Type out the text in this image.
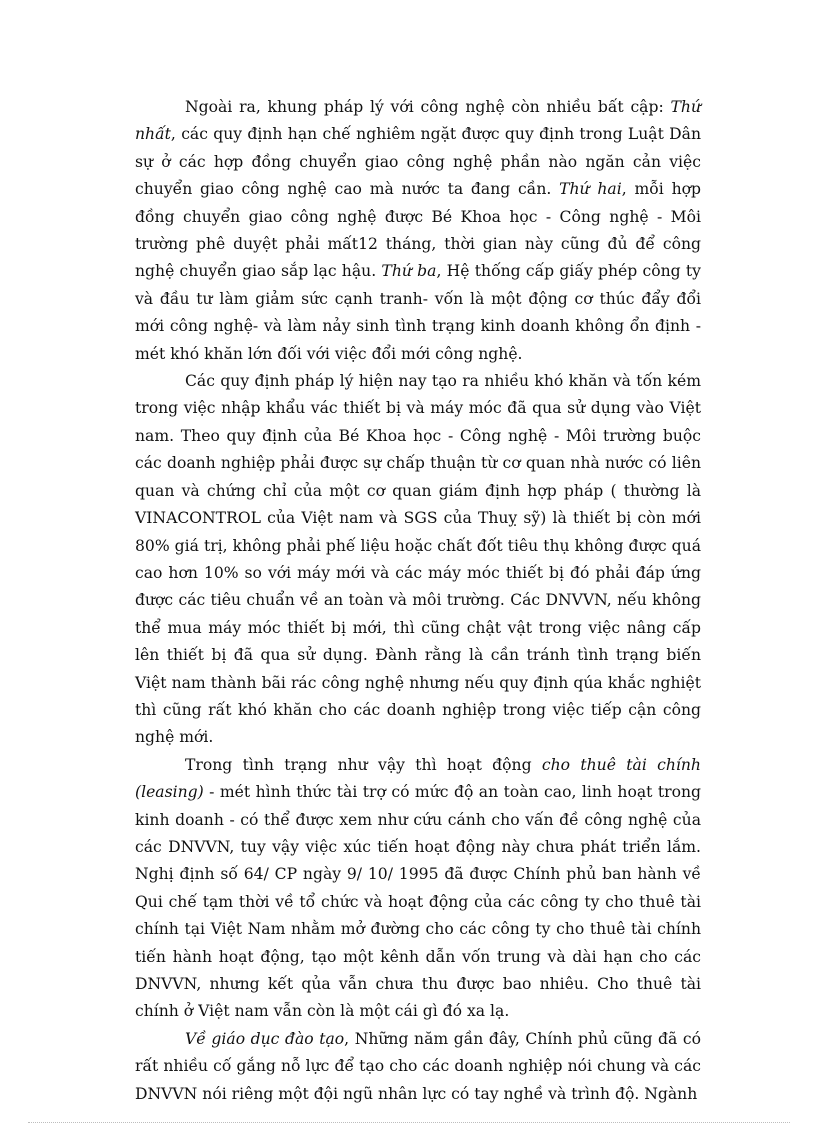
Ngoài ra, khung pháp lý với công nghệ còn nhiều bất cập: Thứ nhất, các quy định hạn chế nghiêm ngặt được quy định trong Luật Dân sự ở các hợp đồng chuyển giao công nghệ phần nào ngăn cản việc chuyển giao công nghệ cao mà nước ta đang cần. Thứ hai, mỗi hợp đồng chuyển giao công nghệ được Bé Khoa học - Công nghệ - Môi trường phê duyệt phải mất12 tháng, thời gian này cũng đủ để công nghệ chuyển giao sắp lạc hậu. Thứ ba, Hệ thống cấp giấy phép công ty và đầu tư làm giảm sức cạnh tranh- vốn là một động cơ thúc đẩy đổi mới công nghệ- và làm nảy sinh tình trạng kinh doanh không ổn định - mét khó khăn lớn đối với việc đổi mới công nghệ.

Các quy định pháp lý hiện nay tạo ra nhiều khó khăn và tốn kém trong việc nhập khẩu vác thiết bị và máy móc đã qua sử dụng vào Việt nam. Theo quy định của Bé Khoa học - Công nghệ - Môi trường buộc các doanh nghiệp phải được sự chấp thuận từ cơ quan nhà nước có liên quan và chứng chỉ của một cơ quan giám định hợp pháp ( thường là VINACONTROL của Việt nam và SGS của Thuỵ sỹ) là thiết bị còn mới 80% giá trị, không phải phế liệu hoặc chất đốt tiêu thụ không được quá cao hơn 10% so với máy mới và các máy móc thiết bị đó phải đáp ứng được các tiêu chuẩn về an toàn và môi trường. Các DNVVN, nếu không thể mua máy móc thiết bị mới, thì cũng chật vật trong việc nâng cấp lên thiết bị đã qua sử dụng. Đành rằng là cần tránh tình trạng biến Việt nam thành bãi rác công nghệ nhưng nếu quy định qúa khắc nghiệt thì cũng rất khó khăn cho các doanh nghiệp trong việc tiếp cận công nghệ mới.

Trong tình trạng như vậy thì hoạt động cho thuê tài chính (leasing) - mét hình thức tài trợ có mức độ an toàn cao, linh hoạt trong kinh doanh - có thể được xem như cứu cánh cho vấn đề công nghệ của các DNVVN, tuy vậy việc xúc tiến hoạt động này chưa phát triển lắm. Nghị định số 64/ CP ngày 9/ 10/ 1995 đã được Chính phủ ban hành về Qui chế tạm thời về tổ chức và hoạt động của các công ty cho thuê tài chính tại Việt Nam nhằm mở đường cho các công ty cho thuê tài chính tiến hành hoạt động, tạo một kênh dẫn vốn trung và dài hạn cho các DNVVN, nhưng kết qủa vẫn chưa thu được bao nhiêu. Cho thuê tài chính ở Việt nam vẫn còn là một cái gì đó xa lạ.

Về giáo dục đào tạo, Những năm gần đây, Chính phủ cũng đã có rất nhiều cố gắng nỗ lực để tạo cho các doanh nghiệp nói chung và các DNVVN nói riêng một đội ngũ nhân lực có tay nghề và trình độ. Ngành
